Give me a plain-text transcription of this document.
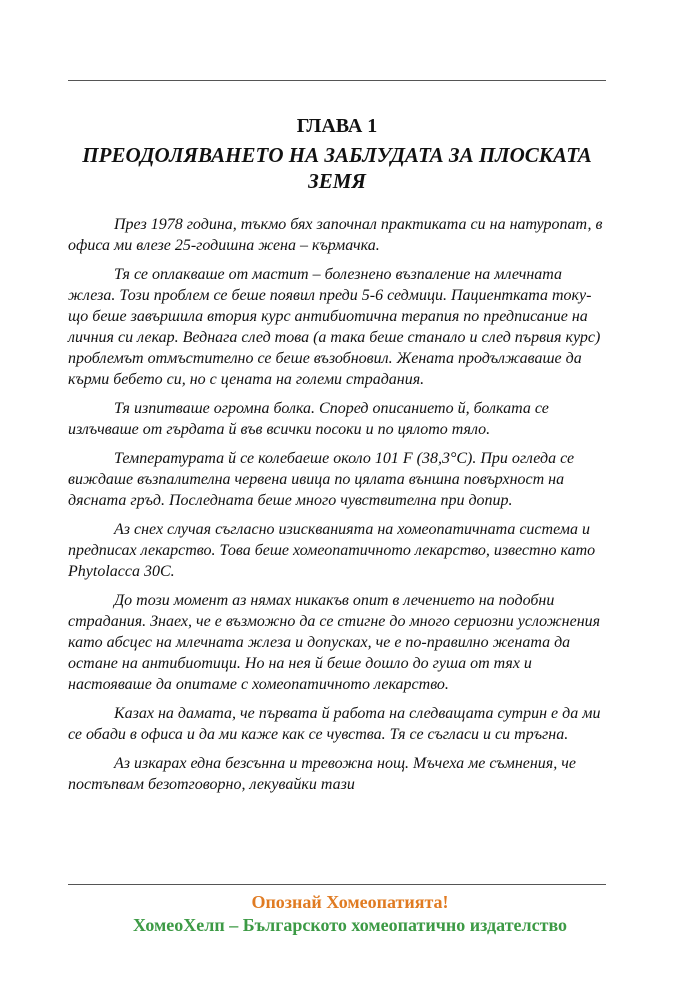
ГЛАВА 1
ПРЕОДОЛЯВАНЕТО НА ЗАБЛУДАТА ЗА ПЛОСКАТА ЗЕМЯ

През 1978 година, тъкмо бях започнал практиката си на натуропат, в офиса ми влезе 25-годишна жена – кърмачка.

Тя се оплакваше от мастит – болезнено възпаление на млечната жлеза. Този проблем се беше появил преди 5-6 седмици. Пациентката току-що беше завършила втория курс антибиотична терапия по предписание на личния си лекар. Веднага след това (а така беше станало и след първия курс) проблемът отмъстително се беше възобновил. Жената продължаваше да кърми бебето си, но с цената на големи страдания.

Тя изпитваше огромна болка. Според описанието й, болката се излъчваше от гърдата й във всички посоки и по цялото тяло.

Температурата й се колебаеше около 101 F (38,3°C). При огледа се виждаше възпалителна червена ивица по цялата външна повърхност на дясната гръд. Последната беше много чувствителна при допир.

Аз снех случая съгласно изискванията на хомеопатичната система и предписах лекарство. Това беше хомеопатичното лекарство, известно като Phytolacca 30C.

До този момент аз нямах никакъв опит в лечението на подобни страдания. Знаех, че е възможно да се стигне до много сериозни усложнения като абсцес на млечната жлеза и допусках, че е по-правилно жената да остане на антибиотици. Но на нея й беше дошло до гуша от тях и настояваше да опитаме с хомеопатичното лекарство.

Казах на дамата, че първата й работа на следващата сутрин е да ми се обади в офиса и да ми каже как се чувства. Тя се съгласи и си тръгна.

Аз изкарах една безсънна и тревожна нощ. Мъчеха ме съмнения, че постъпвам безотговорно, лекувайки тази

Опознай Хомеопатията!

ХомеоХелп – Българското хомеопатично издателство
